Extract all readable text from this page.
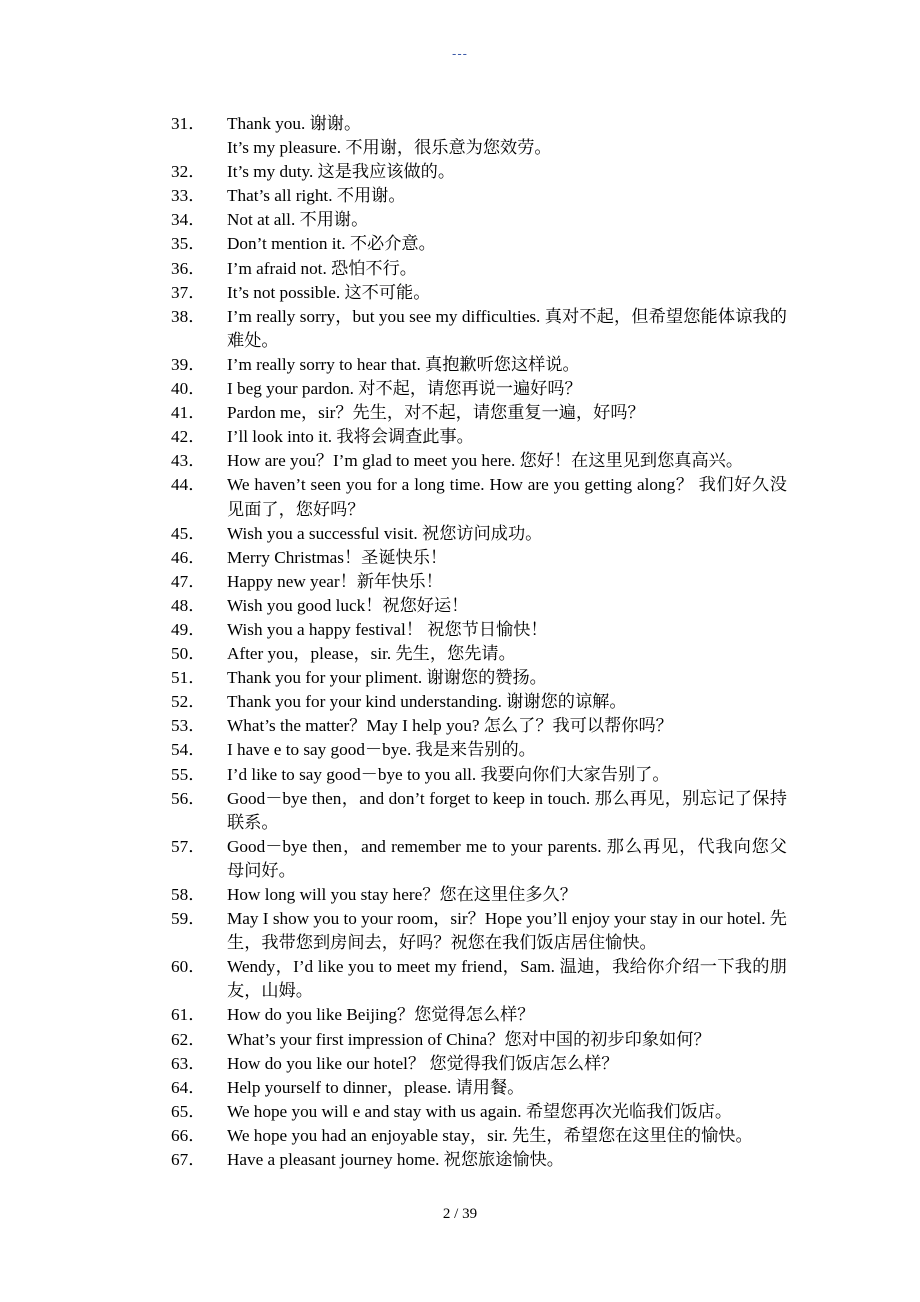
---
31．	Thank you. 谢谢。
It’s my pleasure. 不用谢，很乐意为您效劳。
32．	It’s my duty. 这是我应该做的。
33．	That’s all right. 不用谢。
34．	Not at all. 不用谢。
35．	Don’t mention it. 不必介意。
36．	I’m afraid not. 恐怕不行。
37．	It’s not possible. 这不可能。
38．	I’m really sorry，but you see my difficulties. 真对不起，但希望您能体谅我的难处。
39．	I’m really sorry to hear that. 真抱歉听您这样说。
40．	I beg your pardon. 对不起，请您再说一遍好吗？
41．	Pardon me，sir？先生，对不起，请您重复一遍，好吗？
42．	I’ll look into it. 我将会调查此事。
43．	How are you？I’m glad to meet you here. 您好！在这里见到您真高兴。
44．	We haven’t seen you for a long time. How are you getting along？ 我们好久没见面了，您好吗？
45．	Wish you a successful visit. 祝您访问成功。
46．	Merry Christmas！圣诞快乐！
47．	Happy new year！新年快乐！
48．	Wish you good luck！祝您好运！
49．	Wish you a happy festival！ 祝您节日愉快！
50．	After you，please，sir. 先生，您先请。
51．	Thank you for your pliment. 谢谢您的赞扬。
52．	Thank you for your kind understanding. 谢谢您的谅解。
53．	What’s the matter？May I help you? 怎么了？我可以帮你吗？
54．	I have e to say good－bye. 我是来告别的。
55．	I’d like to say good－bye to you all. 我要向你们大家告别了。
56．	Good－bye then，and don’t forget to keep in touch. 那么再见，别忘记了保持联系。
57．	Good－bye then，and remember me to your parents. 那么再见，代我向您父母问好。
58．	How long will you stay here？您在这里住多久？
59．	May I show you to your room，sir？Hope you’ll enjoy your stay in our hotel. 先生，我带您到房间去，好吗？祝您在我们饭店居住愉快。
60．	Wendy，I’d like you to meet my friend，Sam. 温迪，我给你介绍一下我的朋友，山姆。
61．	How do you like Beijing？您觉得怎么样？
62．	What’s your first impression of China？您对中国的初步印象如何？
63．	How do you like our hotel？ 您觉得我们饭店怎么样？
64．	Help yourself to dinner，please. 请用餐。
65．	We hope you will e and stay with us again. 希望您再次光临我们饭店。
66．	We hope you had an enjoyable stay，sir. 先生，希望您在这里住的愉快。
67．	Have a pleasant journey home. 祝您旅途愉快。
2 / 39
